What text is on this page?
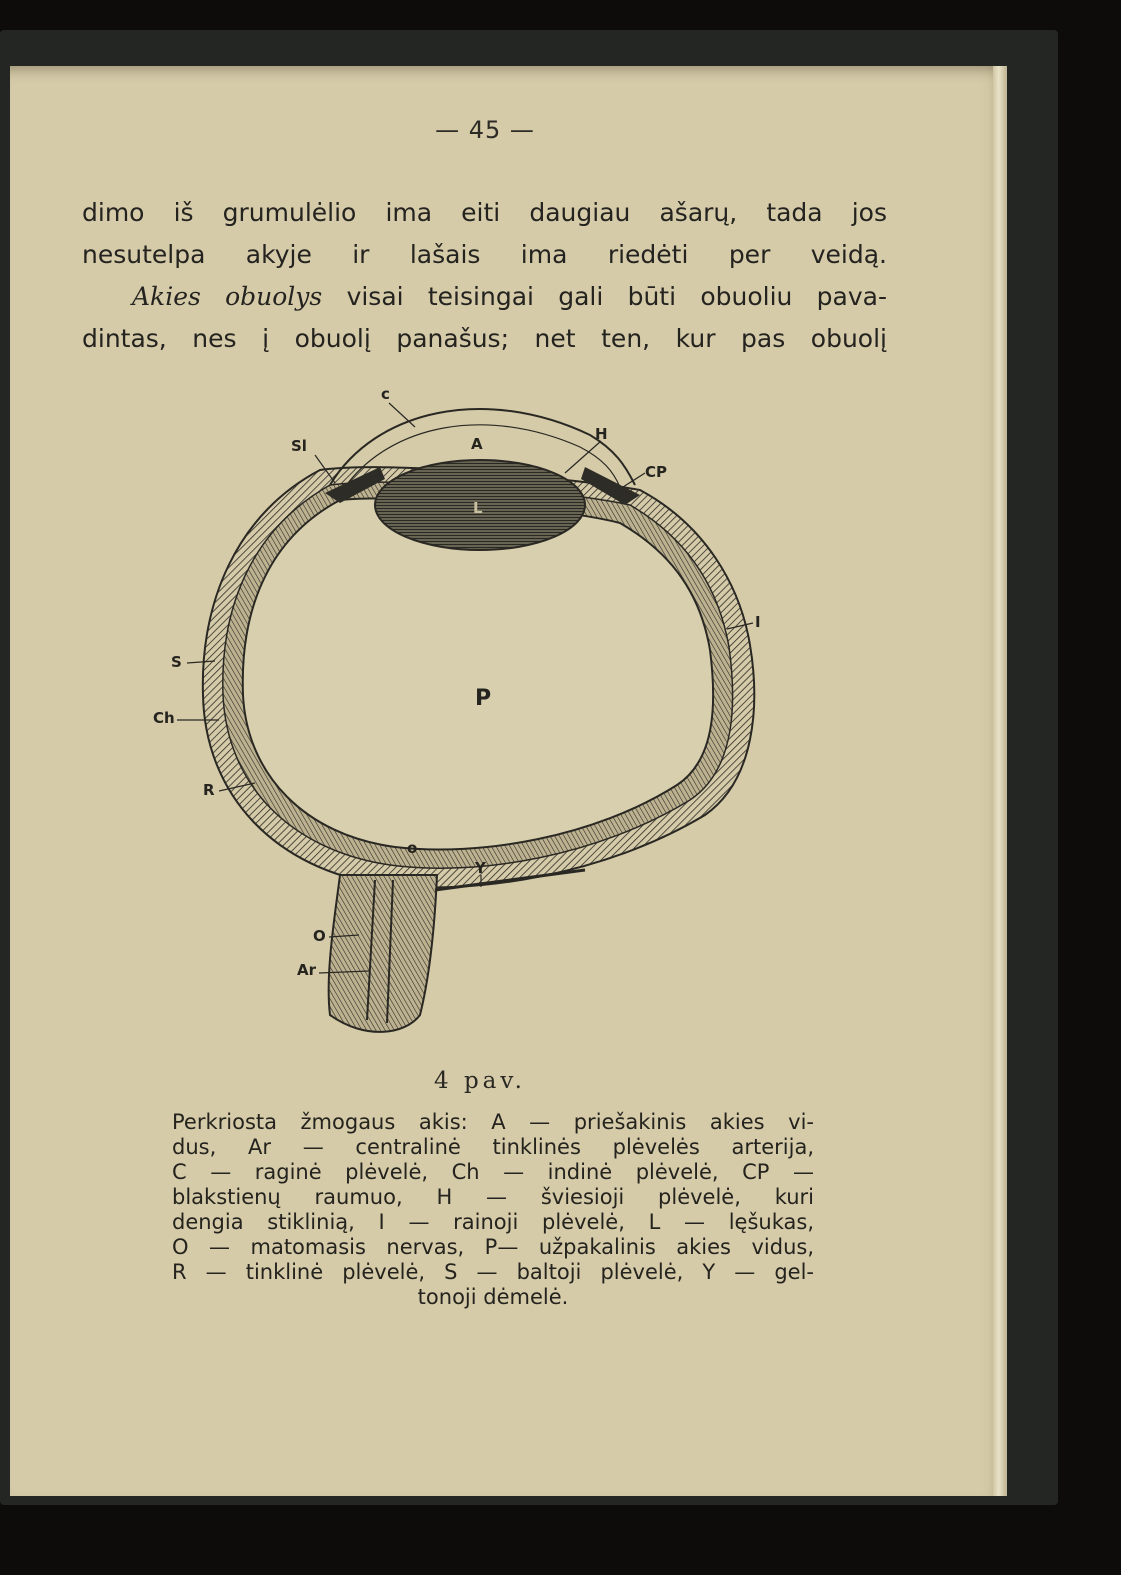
— 45 —
dimo iš grumulėlio ima eiti daugiau ašarų, tada jos
nesutelpa akyje ir lašais ima riedėti per veidą.
Akies obuolys visai teisingai gali būti obuoliu pava-
dintas, nes į obuolį panašus; net ten, kur pas obuolį
c
Sl	A
H
CP
L
P
S
Ch
R
I
o
Y
O
Ar
4 pav.
Perkriosta žmogaus akis: A — priešakinis akies vi-
dus, Ar — centralinė tinklinės plėvelės arterija,
C — raginė plėvelė, Ch — indinė plėvelė, CP —
blakstienų raumuo, H — šviesioji plėvelė, kuri
dengia stiklinią, I — rainoji plėvelė, L — lęšukas,
O — matomasis nervas, P— užpakalinis akies vidus,
R — tinklinė plėvelė, S — baltoji plėvelė, Y — gel-
tonoji dėmelė.
